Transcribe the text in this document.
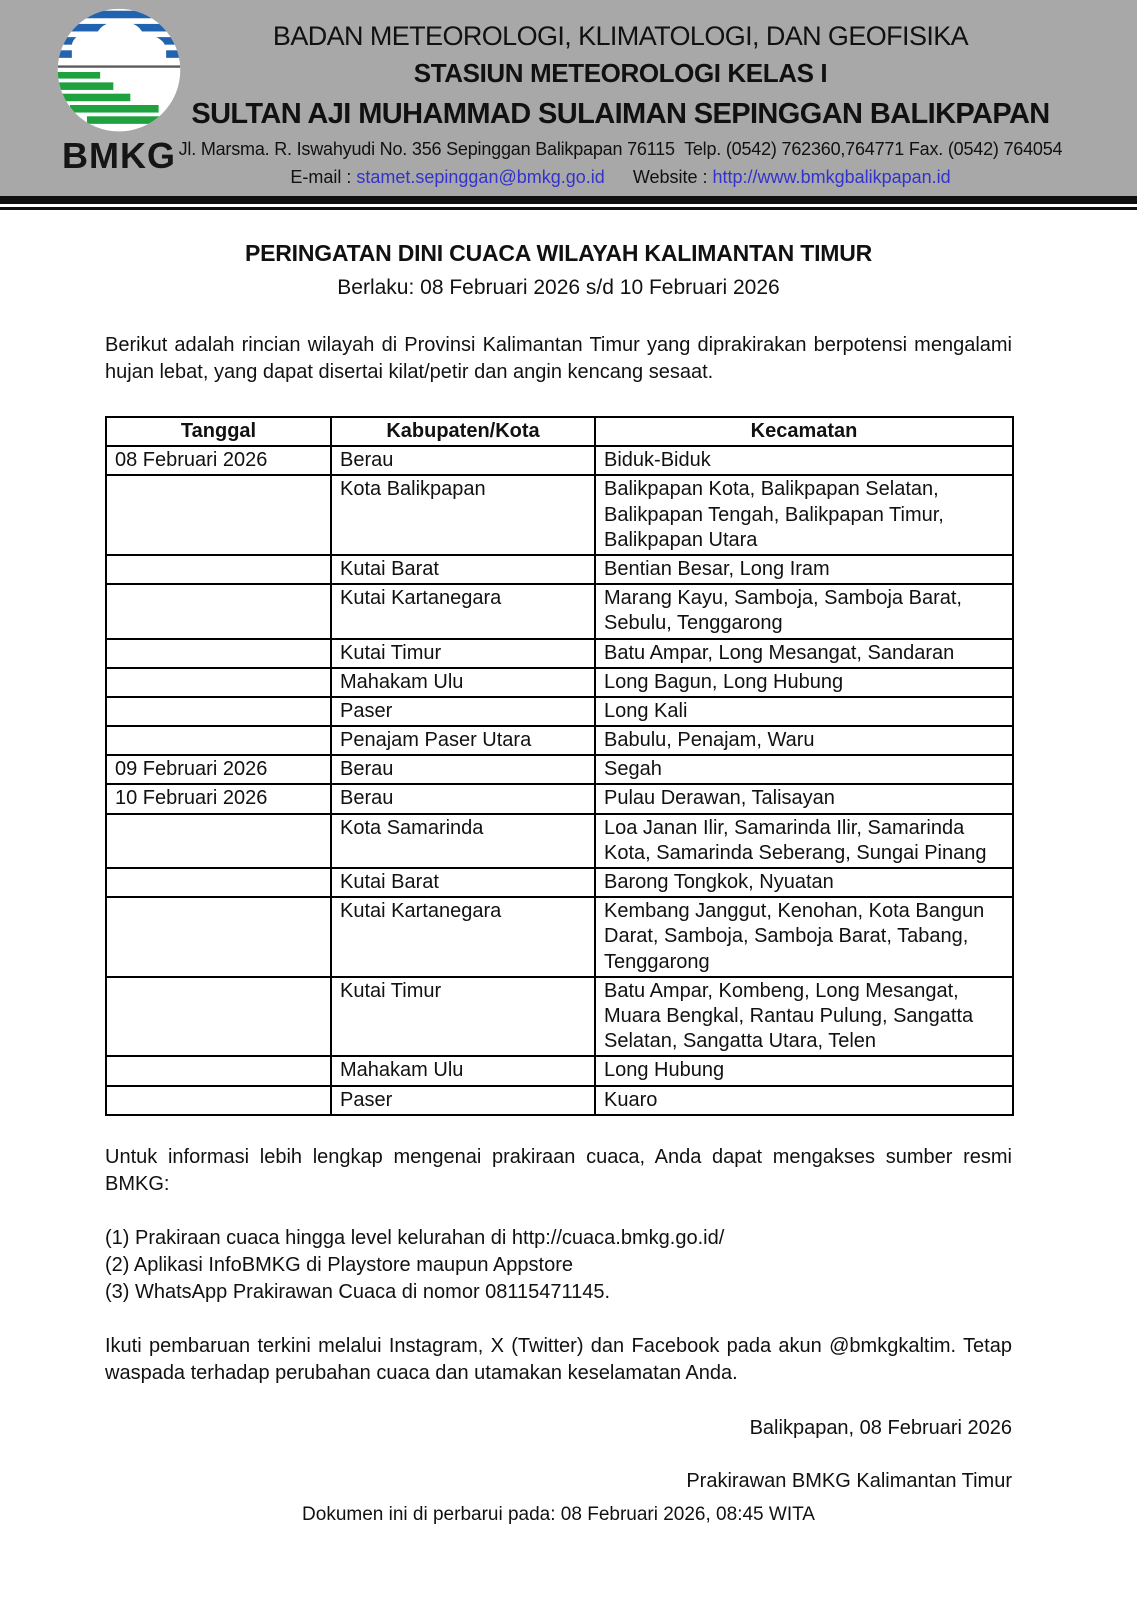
BMKG
BADAN METEOROLOGI, KLIMATOLOGI, DAN GEOFISIKA
STASIUN METEOROLOGI KELAS I
SULTAN AJI MUHAMMAD SULAIMAN SEPINGGAN BALIKPAPAN
Jl. Marsma. R. Iswahyudi No. 356 Sepinggan Balikpapan 76115  Telp. (0542) 762360,764771 Fax. (0542) 764054
E-mail : stamet.sepinggan@bmkg.go.id Website : http://www.bmkgbalikpapan.id
PERINGATAN DINI CUACA WILAYAH KALIMANTAN TIMUR
Berlaku: 08 Februari 2026 s/d 10 Februari 2026

Berikut adalah rincian wilayah di Provinsi Kalimantan Timur yang diprakirakan berpotensi mengalami hujan lebat, yang dapat disertai kilat/petir dan angin kencang sesaat.

Tanggal	Kabupaten/Kota	Kecamatan
08 Februari 2026	Berau	Biduk-Biduk
	Kota Balikpapan	Balikpapan Kota, Balikpapan Selatan, Balikpapan Tengah, Balikpapan Timur, Balikpapan Utara
	Kutai Barat	Bentian Besar, Long Iram
	Kutai Kartanegara	Marang Kayu, Samboja, Samboja Barat, Sebulu, Tenggarong
	Kutai Timur	Batu Ampar, Long Mesangat, Sandaran
	Mahakam Ulu	Long Bagun, Long Hubung
	Paser	Long Kali
	Penajam Paser Utara	Babulu, Penajam, Waru
09 Februari 2026	Berau	Segah
10 Februari 2026	Berau	Pulau Derawan, Talisayan
	Kota Samarinda	Loa Janan Ilir, Samarinda Ilir, Samarinda Kota, Samarinda Seberang, Sungai Pinang
	Kutai Barat	Barong Tongkok, Nyuatan
	Kutai Kartanegara	Kembang Janggut, Kenohan, Kota Bangun Darat, Samboja, Samboja Barat, Tabang, Tenggarong
	Kutai Timur	Batu Ampar, Kombeng, Long Mesangat, Muara Bengkal, Rantau Pulung, Sangatta Selatan, Sangatta Utara, Telen
	Mahakam Ulu	Long Hubung
	Paser	Kuaro

Untuk informasi lebih lengkap mengenai prakiraan cuaca, Anda dapat mengakses sumber resmi BMKG:

(1) Prakiraan cuaca hingga level kelurahan di http://cuaca.bmkg.go.id/
(2) Aplikasi InfoBMKG di Playstore maupun Appstore
(3) WhatsApp Prakirawan Cuaca di nomor 08115471145.

Ikuti pembaruan terkini melalui Instagram, X (Twitter) dan Facebook pada akun @bmkgkaltim. Tetap waspada terhadap perubahan cuaca dan utamakan keselamatan Anda.

Balikpapan, 08 Februari 2026
Prakirawan BMKG Kalimantan Timur
Dokumen ini di perbarui pada: 08 Februari 2026, 08:45 WITA
